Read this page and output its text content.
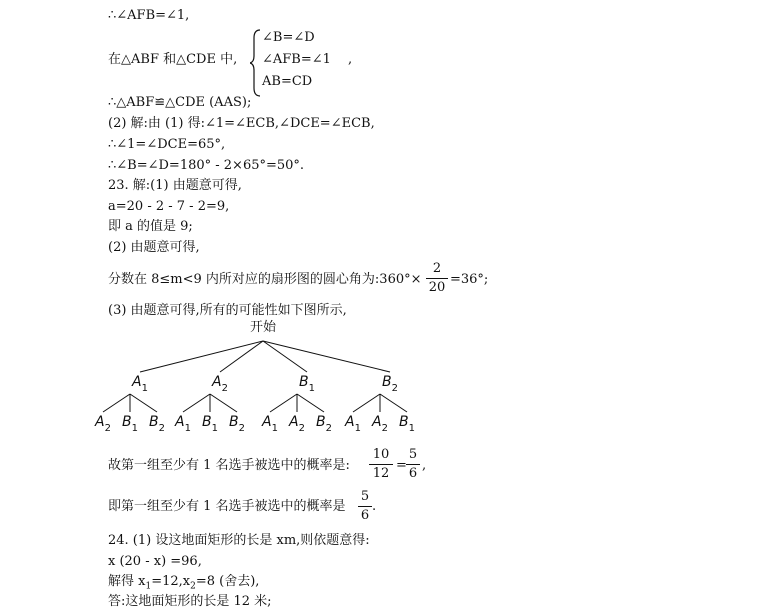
∴∠AFB=∠1,
在△ABF 和△CDE 中,
∠B=∠D
∠AFB=∠1
AB=CD
,
∴△ABF≌△CDE (AAS);
(2) 解:由 (1) 得:∠1=∠ECB,∠DCE=∠ECB,
∴∠1=∠DCE=65°,
∴∠B=∠D=180° - 2×65°=50°.
23. 解:(1) 由题意可得,
a=20 - 2 - 7 - 2=9,
即 a 的值是 9;
(2) 由题意可得,
分数在 8≤m<9 内所对应的扇形图的圆心角为:360°×
2
20
=36°;
(3) 由题意可得,所有的可能性如下图所示,
开始
$A_1$
$A_2$ $B_1$ $B_2$
$A_2$
$A_1$ $B_1$ $B_2$
$B_1$
$A_1$ $A_2$ $B_2$
$B_2$
$A_1$ $A_2$ $B_1$
故第一组至少有 1 名选手被选中的概率是:
10
12
=
5
6
,
即第一组至少有 1 名选手被选中的概率是
5
6
.
24. (1) 设这地面矩形的长是 xm,则依题意得:
x (20 - x) =96,
解得 $x_1=12,x_2=8$ (舍去),
答:这地面矩形的长是 12 米;
